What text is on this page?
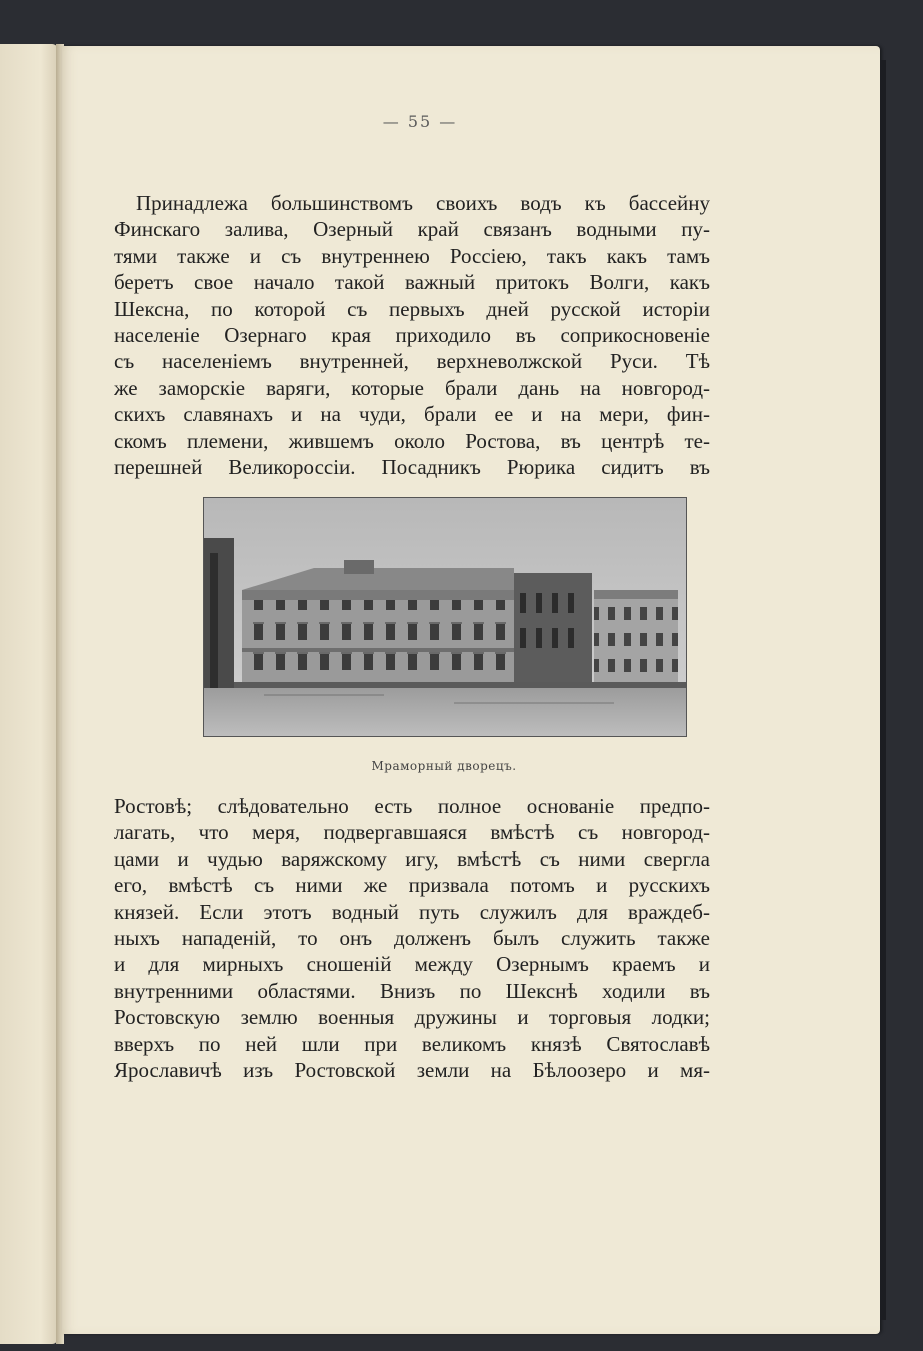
— 55 —
Принадлежа большинствомъ своихъ водъ къ бассейну
Финскаго залива, Озерный край связанъ водными пу-
тями также и съ внутреннею Россіею, такъ какъ тамъ
беретъ свое начало такой важный притокъ Волги, какъ
Шексна, по которой съ первыхъ дней русской исторіи
населеніе Озернаго края приходило въ соприкосновеніе
съ населеніемъ внутренней, верхневолжской Руси. Тѣ
же заморскіе варяги, которые брали дань на новгород-
скихъ славянахъ и на чуди, брали ее и на мери, фин-
скомъ племени, жившемъ около Ростова, въ центрѣ те-
перешней Великороссіи. Посадникъ Рюрика сидитъ въ
Мраморный дворецъ.
Ростовѣ; слѣдовательно есть полное основаніе предпо-
лагать, что меря, подвергавшаяся вмѣстѣ съ новгород-
цами и чудью варяжскому игу, вмѣстѣ съ ними свергла
его, вмѣстѣ съ ними же призвала потомъ и русскихъ
князей. Если этотъ водный путь служилъ для враждеб-
ныхъ нападеній, то онъ долженъ былъ служить также
и для мирныхъ сношеній между Озернымъ краемъ и
внутренними областями. Внизъ по Шекснѣ ходили въ
Ростовскую землю военныя дружины и торговыя лодки;
вверхъ по ней шли при великомъ князѣ Святославѣ
Ярославичѣ изъ Ростовской земли на Бѣлоозеро и мя-
